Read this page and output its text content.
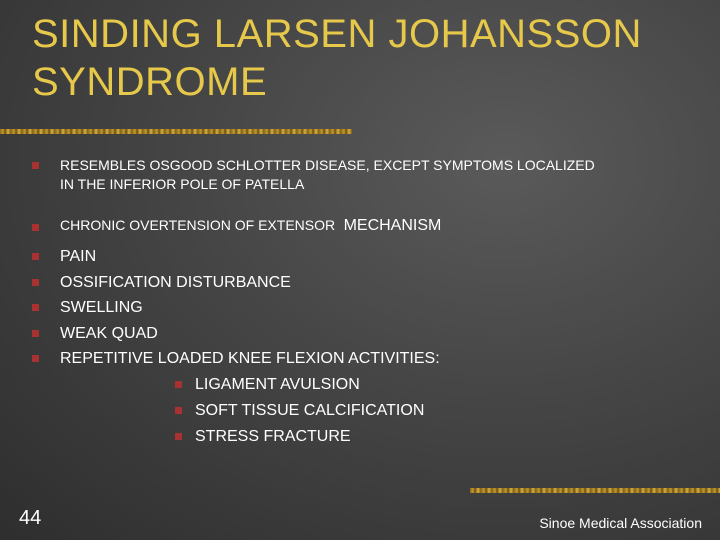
SINDING LARSEN JOHANSSON SYNDROME
RESEMBLES OSGOOD SCHLOTTER DISEASE, EXCEPT SYMPTOMS LOCALIZED IN THE INFERIOR POLE OF PATELLA
CHRONIC OVERTENSION OF EXTENSOR MECHANISM
PAIN
OSSIFICATION DISTURBANCE
SWELLING
WEAK QUAD
REPETITIVE LOADED KNEE FLEXION ACTIVITIES:
LIGAMENT AVULSION
SOFT TISSUE CALCIFICATION
STRESS FRACTURE
44	Sinoe Medical Association
